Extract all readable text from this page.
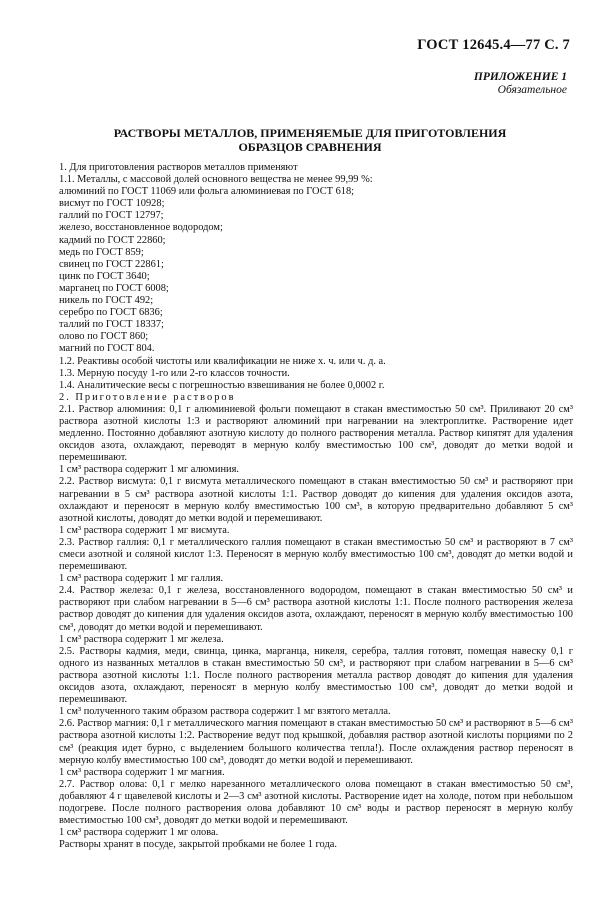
ГОСТ 12645.4—77 С. 7
ПРИЛОЖЕНИЕ 1
Обязательное
РАСТВОРЫ МЕТАЛЛОВ, ПРИМЕНЯЕМЫЕ ДЛЯ ПРИГОТОВЛЕНИЯ
ОБРАЗЦОВ СРАВНЕНИЯ

1. Для приготовления растворов металлов применяют

1.1. Металлы, с массовой долей основного вещества не менее 99,99 %:

алюминий по ГОСТ 11069 или фольга алюминиевая по ГОСТ 618;

висмут по ГОСТ 10928;

галлий по ГОСТ 12797;

железо, восстановленное водородом;

кадмий по ГОСТ 22860;

медь по ГОСТ 859;

свинец по ГОСТ 22861;

цинк по ГОСТ 3640;

марганец по ГОСТ 6008;

никель по ГОСТ 492;

серебро по ГОСТ 6836;

таллий по ГОСТ 18337;

олово по ГОСТ 860;

магний по ГОСТ 804.

1.2. Реактивы особой чистоты или квалификации не ниже х. ч. или ч. д. а.

1.3. Мерную посуду 1-го или 2-го классов точности.

1.4. Аналитические весы с погрешностью взвешивания не более 0,0002 г.

2. Приготовление растворов

2.1. Раствор алюминия: 0,1 г алюминиевой фольги помещают в стакан вместимостью 50 см³. Приливают 20 см³ раствора азотной кислоты 1:3 и растворяют алюминий при нагревании на электроплитке. Растворение идет медленно. Постоянно добавляют азотную кислоту до полного растворения металла. Раствор кипятят для удаления оксидов азота, охлаждают, переводят в мерную колбу вместимостью 100 см³, доводят до метки водой и перемешивают.

1 см³ раствора содержит 1 мг алюминия.

2.2. Раствор висмута: 0,1 г висмута металлического помещают в стакан вместимостью 50 см³ и растворяют при нагревании в 5 см³ раствора азотной кислоты 1:1. Раствор доводят до кипения для удаления оксидов азота, охлаждают и переносят в мерную колбу вместимостью 100 см³, в которую предварительно добавляют 5 см³ азотной кислоты, доводят до метки водой и перемешивают.

1 см³ раствора содержит 1 мг висмута.

2.3. Раствор галлия: 0,1 г металлического галлия помещают в стакан вместимостью 50 см³ и растворяют в 7 см³ смеси азотной и соляной кислот 1:3. Переносят в мерную колбу вместимостью 100 см³, доводят до метки водой и перемешивают.

1 см³ раствора содержит 1 мг галлия.

2.4. Раствор железа: 0,1 г железа, восстановленного водородом, помещают в стакан вместимостью 50 см³ и растворяют при слабом нагревании в 5—6 см³ раствора азотной кислоты 1:1. После полного растворения железа раствор доводят до кипения для удаления оксидов азота, охлаждают, переносят в мерную колбу вместимостью 100 см³, доводят до метки водой и перемешивают.

1 см³ раствора содержит 1 мг железа.

2.5. Растворы кадмия, меди, свинца, цинка, марганца, никеля, серебра, таллия готовят, помещая навеску 0,1 г одного из названных металлов в стакан вместимостью 50 см³, и растворяют при слабом нагревании в 5—6 см³ раствора азотной кислоты 1:1. После полного растворения металла раствор доводят до кипения для удаления оксидов азота, охлаждают, переносят в мерную колбу вместимостью 100 см³, доводят до метки водой и перемешивают.

1 см³ полученного таким образом раствора содержит 1 мг взятого металла.

2.6. Раствор магния: 0,1 г металлического магния помещают в стакан вместимостью 50 см³ и растворяют в 5—6 см³ раствора азотной кислоты 1:2. Растворение ведут под крышкой, добавляя раствор азотной кислоты порциями по 2 см³ (реакция идет бурно, с выделением большого количества тепла!). После охлаждения раствор переносят в мерную колбу вместимостью 100 см³, доводят до метки водой и перемешивают.

1 см³ раствора содержит 1 мг магния.

2.7. Раствор олова: 0,1 г мелко нарезанного металлического олова помещают в стакан вместимостью 50 см³, добавляют 4 г щавелевой кислоты и 2—3 см³ азотной кислоты. Растворение идет на холоде, потом при небольшом подогреве. После полного растворения олова добавляют 10 см³ воды и раствор переносят в мерную колбу вместимостью 100 см³, доводят до метки водой и перемешивают.

1 см³ раствора содержит 1 мг олова.

Растворы хранят в посуде, закрытой пробками не более 1 года.
